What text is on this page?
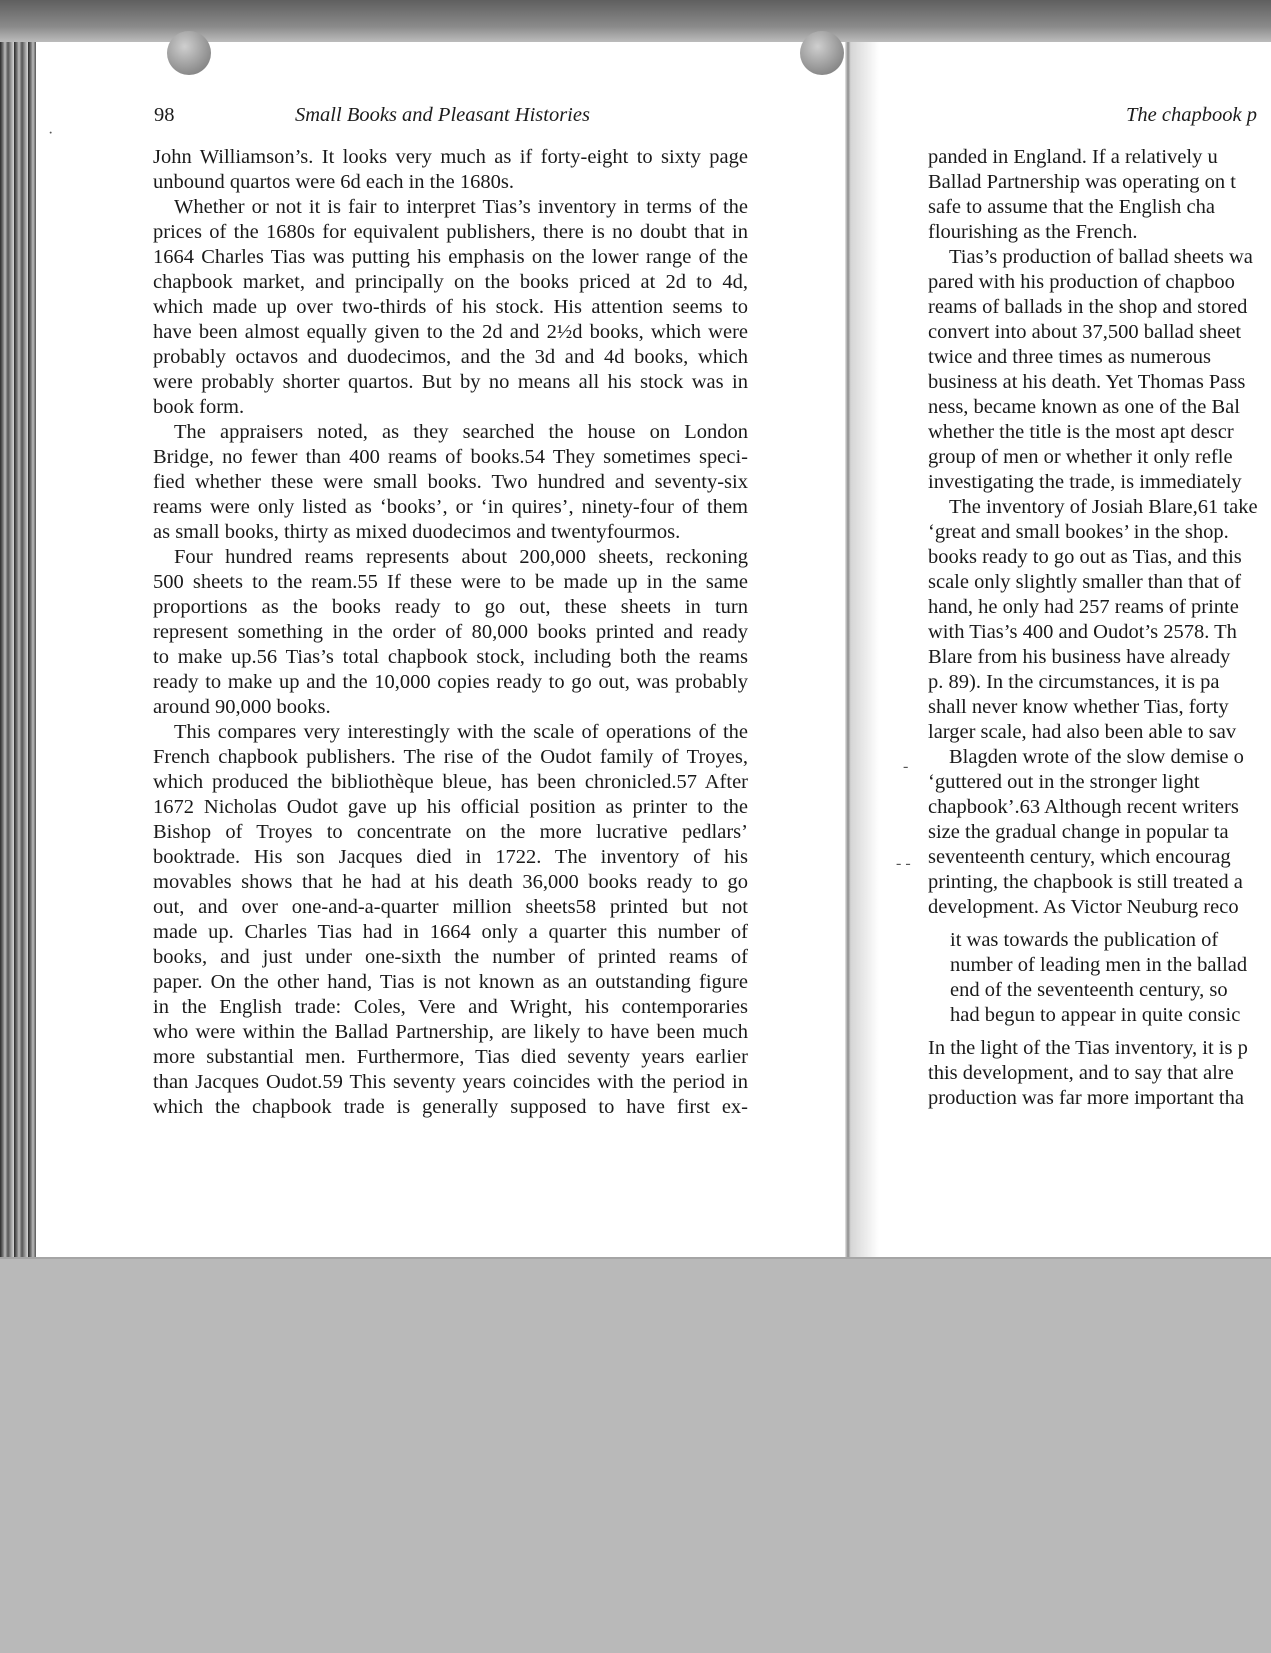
98	Small Books and Pleasant Histories	The chapbook p
John Williamson’s. It looks very much as if forty-eight to sixty page
unbound quartos were 6d each in the 1680s.
Whether or not it is fair to interpret Tias’s inventory in terms of the
prices of the 1680s for equivalent publishers, there is no doubt that in
1664 Charles Tias was putting his emphasis on the lower range of the
chapbook market, and principally on the books priced at 2d to 4d,
which made up over two-thirds of his stock. His attention seems to
have been almost equally given to the 2d and 2½d books, which were
probably octavos and duodecimos, and the 3d and 4d books, which
were probably shorter quartos. But by no means all his stock was in
book form.
The appraisers noted, as they searched the house on London
Bridge, no fewer than 400 reams of books.54 They sometimes speci-
fied whether these were small books. Two hundred and seventy-six
reams were only listed as ‘books’, or ‘in quires’, ninety-four of them
as small books, thirty as mixed duodecimos and twentyfourmos.
Four hundred reams represents about 200,000 sheets, reckoning
500 sheets to the ream.55 If these were to be made up in the same
proportions as the books ready to go out, these sheets in turn
represent something in the order of 80,000 books printed and ready
to make up.56 Tias’s total chapbook stock, including both the reams
ready to make up and the 10,000 copies ready to go out, was probably
around 90,000 books.
This compares very interestingly with the scale of operations of the
French chapbook publishers. The rise of the Oudot family of Troyes,
which produced the bibliothèque bleue, has been chronicled.57 After
1672 Nicholas Oudot gave up his official position as printer to the
Bishop of Troyes to concentrate on the more lucrative pedlars’
booktrade. His son Jacques died in 1722. The inventory of his
movables shows that he had at his death 36,000 books ready to go
out, and over one-and-a-quarter million sheets58 printed but not
made up. Charles Tias had in 1664 only a quarter this number of
books, and just under one-sixth the number of printed reams of
paper. On the other hand, Tias is not known as an outstanding figure
in the English trade: Coles, Vere and Wright, his contemporaries
who were within the Ballad Partnership, are likely to have been much
more substantial men. Furthermore, Tias died seventy years earlier
than Jacques Oudot.59 This seventy years coincides with the period in
which the chapbook trade is generally supposed to have first ex-
panded in England. If a relatively u
Ballad Partnership was operating on t
safe to assume that the English cha
flourishing as the French.
Tias’s production of ballad sheets wa
pared with his production of chapboo
reams of ballads in the shop and stored
convert into about 37,500 ballad sheet
twice and three times as numerous
business at his death. Yet Thomas Pass
ness, became known as one of the Bal
whether the title is the most apt descr
group of men or whether it only refle
investigating the trade, is immediately
The inventory of Josiah Blare,61 take
‘great and small bookes’ in the shop.
books ready to go out as Tias, and this
scale only slightly smaller than that of
hand, he only had 257 reams of printe
with Tias’s 400 and Oudot’s 2578. Th
Blare from his business have already
p. 89). In the circumstances, it is pa
shall never know whether Tias, forty
larger scale, had also been able to sav
Blagden wrote of the slow demise o
‘guttered out in the stronger light
chapbook’.63 Although recent writers
size the gradual change in popular ta
seventeenth century, which encourag
printing, the chapbook is still treated a
development. As Victor Neuburg reco
it was towards the publication of
number of leading men in the ballad
end of the seventeenth century, so
had begun to appear in quite consic
In the light of the Tias inventory, it is p
this development, and to say that alre
production was far more important tha
·
-
- -
